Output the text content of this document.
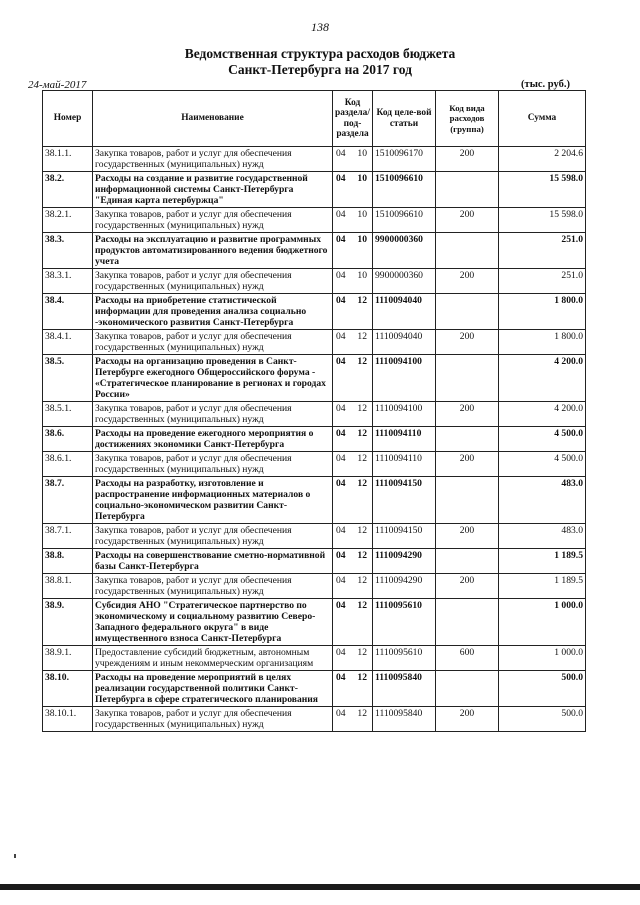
138
Ведомственная структура расходов бюджета
Санкт-Петербурга на 2017 год
24-май-2017	(тыс. руб.)
Номер	Наименование	Код раздела/ под-раздела	Код целе-вой статьи	Код вида расходов (группа)	Сумма
38.1.1.	Закупка товаров, работ и услуг для обеспечения государственных (муниципальных) нужд	04 10	1510096170	200	2 204.6
38.2.	Расходы на создание и развитие государственной информационной системы Санкт-Петербурга "Единая карта петербуржца"	04 10	1510096610		15 598.0
38.2.1.	Закупка товаров, работ и услуг для обеспечения государственных (муниципальных) нужд	04 10	1510096610	200	15 598.0
38.3.	Расходы на эксплуатацию и развитие программных продуктов автоматизированного ведения бюджетного учета	04 10	9900000360		251.0
38.3.1.	Закупка товаров, работ и услуг для обеспечения государственных (муниципальных) нужд	04 10	9900000360	200	251.0
38.4.	Расходы на приобретение статистической информации для проведения анализа социально -экономического развития Санкт-Петербурга	04 12	1110094040		1 800.0
38.4.1.	Закупка товаров, работ и услуг для обеспечения государственных (муниципальных) нужд	04 12	1110094040	200	1 800.0
38.5.	Расходы на организацию проведения в Санкт-Петербурге ежегодного Общероссийского форума - «Стратегическое планирование в регионах и городах России»	04 12	1110094100		4 200.0
38.5.1.	Закупка товаров, работ и услуг для обеспечения государственных (муниципальных) нужд	04 12	1110094100	200	4 200.0
38.6.	Расходы на проведение ежегодного мероприятия о достижениях экономики Санкт-Петербурга	04 12	1110094110		4 500.0
38.6.1.	Закупка товаров, работ и услуг для обеспечения государственных (муниципальных) нужд	04 12	1110094110	200	4 500.0
38.7.	Расходы на разработку, изготовление и распространение информационных материалов о социально-экономическом развитии Санкт-Петербурга	04 12	1110094150		483.0
38.7.1.	Закупка товаров, работ и услуг для обеспечения государственных (муниципальных) нужд	04 12	1110094150	200	483.0
38.8.	Расходы на совершенствование сметно-нормативной базы Санкт-Петербурга	04 12	1110094290		1 189.5
38.8.1.	Закупка товаров, работ и услуг для обеспечения государственных (муниципальных) нужд	04 12	1110094290	200	1 189.5
38.9.	Субсидия АНО "Стратегическое партнерство по экономическому и социальному развитию Северо-Западного федерального округа" в виде имущественного взноса Санкт-Петербурга	04 12	1110095610		1 000.0
38.9.1.	Предоставление субсидий бюджетным, автономным учреждениям и иным некоммерческим организациям	04 12	1110095610	600	1 000.0
38.10.	Расходы на проведение мероприятий в целях реализации государственной политики Санкт-Петербурга в сфере стратегического планирования	04 12	1110095840		500.0
38.10.1.	Закупка товаров, работ и услуг для обеспечения государственных (муниципальных) нужд	04 12	1110095840	200	500.0
